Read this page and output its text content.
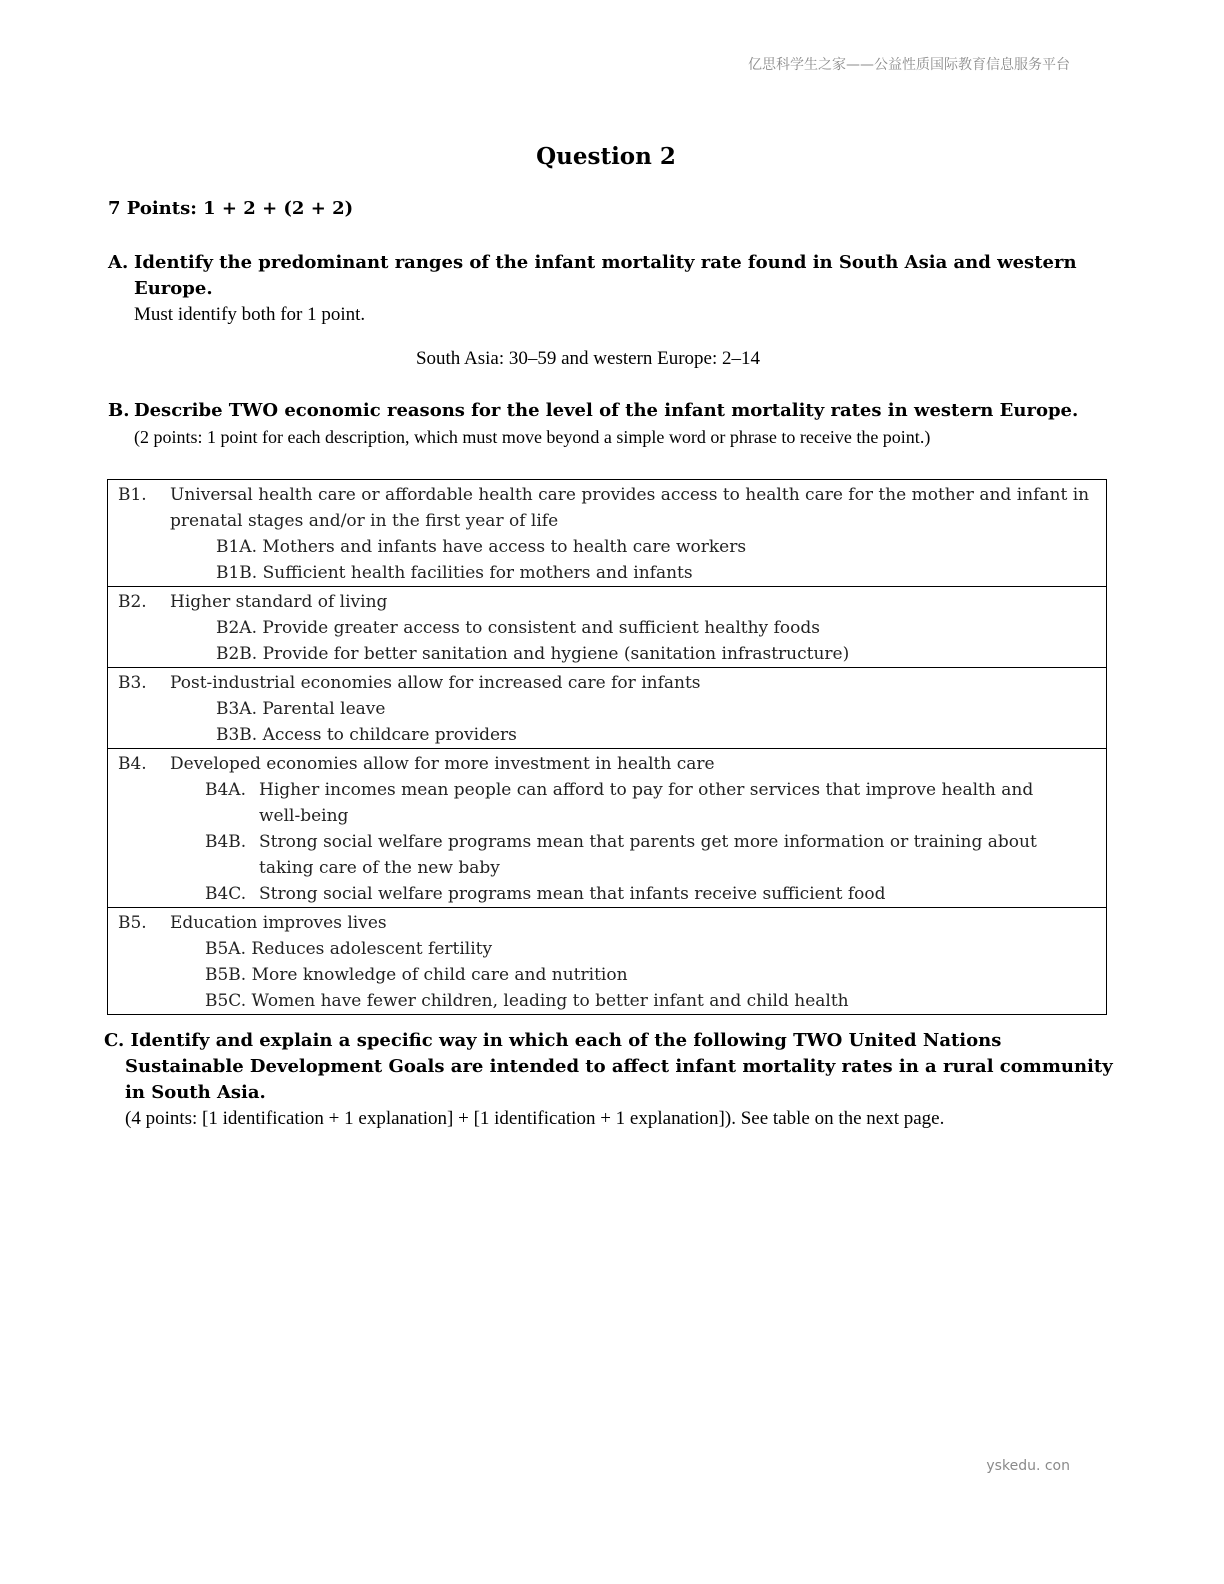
亿思科学生之家——公益性质国际教育信息服务平台
Question 2
7 Points: 1 + 2 + (2 + 2)
A. Identify the predominant ranges of the infant mortality rate found in South Asia and western Europe.
Must identify both for 1 point.
South Asia: 30–59 and western Europe: 2–14
B. Describe TWO economic reasons for the level of the infant mortality rates in western Europe.
(2 points: 1 point for each description, which must move beyond a simple word or phrase to receive the point.)
B1.	Universal health care or affordable health care provides access to health care for the mother and infant in prenatal stages and/or in the first year of life
B1A. Mothers and infants have access to health care workers
B1B. Sufficient health facilities for mothers and infants
B2.	Higher standard of living
B2A. Provide greater access to consistent and sufficient healthy foods
B2B. Provide for better sanitation and hygiene (sanitation infrastructure)
B3.	Post-industrial economies allow for increased care for infants
B3A. Parental leave
B3B. Access to childcare providers
B4.	Developed economies allow for more investment in health care
B4A. Higher incomes mean people can afford to pay for other services that improve health and well-being
B4B. Strong social welfare programs mean that parents get more information or training about taking care of the new baby
B4C. Strong social welfare programs mean that infants receive sufficient food
B5.	Education improves lives
B5A. Reduces adolescent fertility
B5B. More knowledge of child care and nutrition
B5C. Women have fewer children, leading to better infant and child health
C. Identify and explain a specific way in which each of the following TWO United Nations Sustainable Development Goals are intended to affect infant mortality rates in a rural community in South Asia.
(4 points: [1 identification + 1 explanation] + [1 identification + 1 explanation]). See table on the next page.
yskedu. con
